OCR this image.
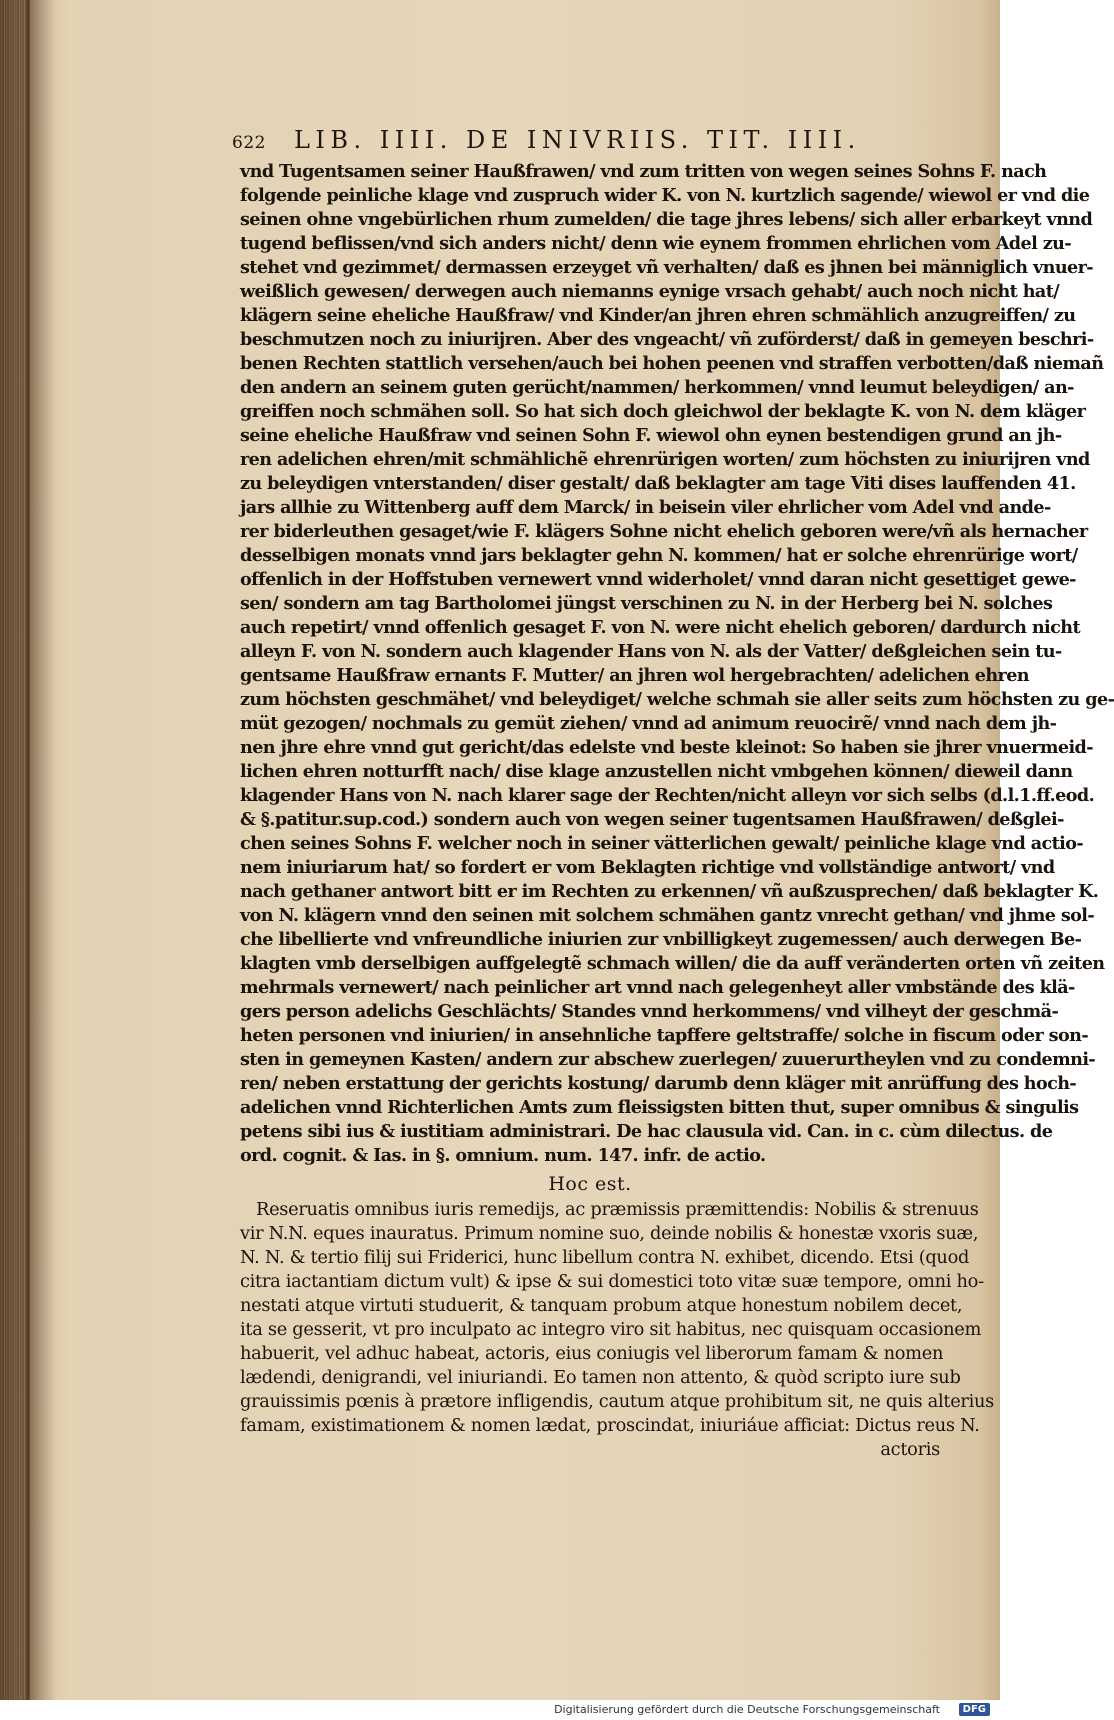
622 LIB. IIII. DE INIVRIIS. TIT. IIII.
vnd Tugentsamen seiner Haußfrawen/ vnd zum tritten von wegen seines Sohns F. nach
folgende peinliche klage vnd zuspruch wider K. von N. kurtzlich sagende/ wiewol er vnd die
seinen ohne vngebürlichen rhum zumelden/ die tage jhres lebens/ sich aller erbarkeyt vnnd
tugend beflissen/vnd sich anders nicht/ denn wie eynem frommen ehrlichen vom Adel zu-
stehet vnd gezimmet/ dermassen erzeyget vñ verhalten/ daß es jhnen bei männiglich vnuer-
weißlich gewesen/ derwegen auch niemanns eynige vrsach gehabt/ auch noch nicht hat/
klägern seine eheliche Haußfraw/ vnd Kinder/an jhren ehren schmählich anzugreiffen/ zu
beschmutzen noch zu iniurijren. Aber des vngeacht/ vñ zuförderst/ daß in gemeyen beschri-
benen Rechten stattlich versehen/auch bei hohen peenen vnd straffen verbotten/daß niemañ
den andern an seinem guten gerücht/nammen/ herkommen/ vnnd leumut beleydigen/ an-
greiffen noch schmähen soll. So hat sich doch gleichwol der beklagte K. von N. dem kläger
seine eheliche Haußfraw vnd seinen Sohn F. wiewol ohn eynen bestendigen grund an jh-
ren adelichen ehren/mit schmählichẽ ehrenrürigen worten/ zum höchsten zu iniurijren vnd
zu beleydigen vnterstanden/ diser gestalt/ daß beklagter am tage Viti dises lauffenden 41.
jars allhie zu Wittenberg auff dem Marck/ in beisein viler ehrlicher vom Adel vnd ande-
rer biderleuthen gesaget/wie F. klägers Sohne nicht ehelich geboren were/vñ als hernacher
desselbigen monats vnnd jars beklagter gehn N. kommen/ hat er solche ehrenrürige wort/
offenlich in der Hoffstuben vernewert vnnd widerholet/ vnnd daran nicht gesettiget gewe-
sen/ sondern am tag Bartholomei jüngst verschinen zu N. in der Herberg bei N. solches
auch repetirt/ vnnd offenlich gesaget F. von N. were nicht ehelich geboren/ dardurch nicht
alleyn F. von N. sondern auch klagender Hans von N. als der Vatter/ deßgleichen sein tu-
gentsame Haußfraw ernants F. Mutter/ an jhren wol hergebrachten/ adelichen ehren
zum höchsten geschmähet/ vnd beleydiget/ welche schmah sie aller seits zum höchsten zu ge-
müt gezogen/ nochmals zu gemüt ziehen/ vnnd ad animum reuocirẽ/ vnnd nach dem jh-
nen jhre ehre vnnd gut gericht/das edelste vnd beste kleinot: So haben sie jhrer vnuermeid-
lichen ehren notturfft nach/ dise klage anzustellen nicht vmbgehen können/ dieweil dann
klagender Hans von N. nach klarer sage der Rechten/nicht alleyn vor sich selbs (d.l.1.ff.eod.
& §.patitur.sup.cod.) sondern auch von wegen seiner tugentsamen Haußfrawen/ deßglei-
chen seines Sohns F. welcher noch in seiner vätterlichen gewalt/ peinliche klage vnd actio-
nem iniuriarum hat/ so fordert er vom Beklagten richtige vnd vollständige antwort/ vnd
nach gethaner antwort bitt er im Rechten zu erkennen/ vñ außzusprechen/ daß beklagter K.
von N. klägern vnnd den seinen mit solchem schmähen gantz vnrecht gethan/ vnd jhme sol-
che libellierte vnd vnfreundliche iniurien zur vnbilligkeyt zugemessen/ auch derwegen Be-
klagten vmb derselbigen auffgelegtẽ schmach willen/ die da auff veränderten orten vñ zeiten
mehrmals vernewert/ nach peinlicher art vnnd nach gelegenheyt aller vmbstände des klä-
gers person adelichs Geschlächts/ Standes vnnd herkommens/ vnd vilheyt der geschmä-
heten personen vnd iniurien/ in ansehnliche tapffere geltstraffe/ solche in fiscum oder son-
sten in gemeynen Kasten/ andern zur abschew zuerlegen/ zuuerurtheylen vnd zu condemni-
ren/ neben erstattung der gerichts kostung/ darumb denn kläger mit anrüffung des hoch-
adelichen vnnd Richterlichen Amts zum fleissigsten bitten thut, super omnibus & singulis
petens sibi ius & iustitiam administrari. De hac clausula vid. Can. in c. cùm dilectus. de
ord. cognit. & Ias. in §. omnium. num. 147. infr. de actio.
Hoc est.
Reseruatis omnibus iuris remedijs, ac præmissis præmittendis: Nobilis & strenuus
vir N.N. eques inauratus. Primum nomine suo, deinde nobilis & honestæ vxoris suæ,
N. N. & tertio filij sui Friderici, hunc libellum contra N. exhibet, dicendo. Etsi (quod
citra iactantiam dictum vult) & ipse & sui domestici toto vitæ suæ tempore, omni ho-
nestati atque virtuti studuerit, & tanquam probum atque honestum nobilem decet,
ita se gesserit, vt pro inculpato ac integro viro sit habitus, nec quisquam occasionem
habuerit, vel adhuc habeat, actoris, eius coniugis vel liberorum famam & nomen
lædendi, denigrandi, vel iniuriandi. Eo tamen non attento, & quòd scripto iure sub
grauissimis pœnis à prætore infligendis, cautum atque prohibitum sit, ne quis alterius
famam, existimationem & nomen lædat, proscindat, iniuriáue afficiat: Dictus reus N.
actoris
Digitalisierung gefördert durch die Deutsche Forschungsgemeinschaft	DFG
